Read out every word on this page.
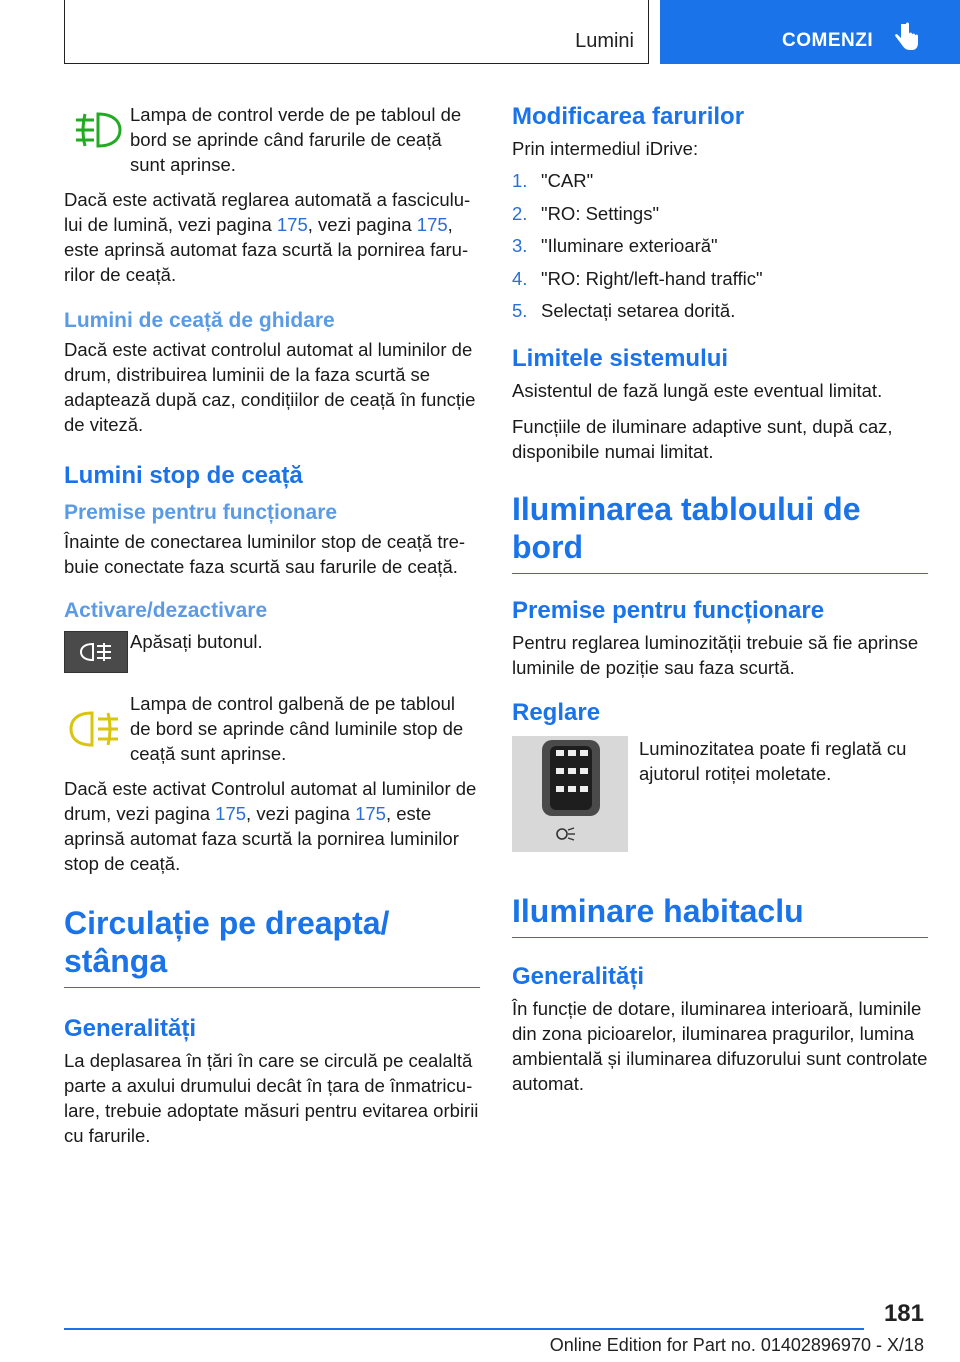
Lumini	COMENZI
Lampa de control verde de pe tabloul de bord se aprinde când farurile de ceață sunt aprinse.

Dacă este activată reglarea automată a fasciculului de lumină, vezi pagina 175, vezi pagina 175, este aprinsă automat faza scurtă la pornirea farurilor de ceață.

Lumini de ceață de ghidare

Dacă este activat controlul automat al luminilor de drum, distribuirea luminii de la faza scurtă se adaptează după caz, condițiilor de ceață în funcție de viteză.

Lumini stop de ceață
Premise pentru funcționare

Înainte de conectarea luminilor stop de ceață trebuie conectate faza scurtă sau farurile de ceață.

Activare/dezactivare
Apăsați butonul.
Lampa de control galbenă de pe tabloul de bord se aprinde când luminile stop de ceață sunt aprinse.

Dacă este activat Controlul automat al luminilor de drum, vezi pagina 175, vezi pagina 175, este aprinsă automat faza scurtă la pornirea luminilor stop de ceață.

Circulație pe dreapta/ stânga
Generalități

La deplasarea în țări în care se circulă pe cealaltă parte a axului drumului decât în țara de înmatriculare, trebuie adoptate măsuri pentru evitarea orbirii cu farurile.

Modificarea farurilor

Prin intermediul iDrive:

1. "CAR"
2. "RO: Settings"
3. "Iluminare exterioară"
4. "RO: Right/left-hand traffic"
5. Selectați setarea dorită.
Limitele sistemului

Asistentul de fază lungă este eventual limitat.

Funcțiile de iluminare adaptive sunt, după caz, disponibile numai limitat.

Iluminarea tabloului de bord
Premise pentru funcționare

Pentru reglarea luminozității trebuie să fie aprinse luminile de poziție sau faza scurtă.

Reglare
Luminozitatea poate fi reglată cu ajutorul rotiței moletate.
Iluminare habitaclu
Generalități

În funcție de dotare, iluminarea interioară, luminile din zona picioarelor, iluminarea pragurilor, lumina ambientală și iluminarea difuzorului sunt controlate automat.

181
Online Edition for Part no. 01402896970 - X/18
